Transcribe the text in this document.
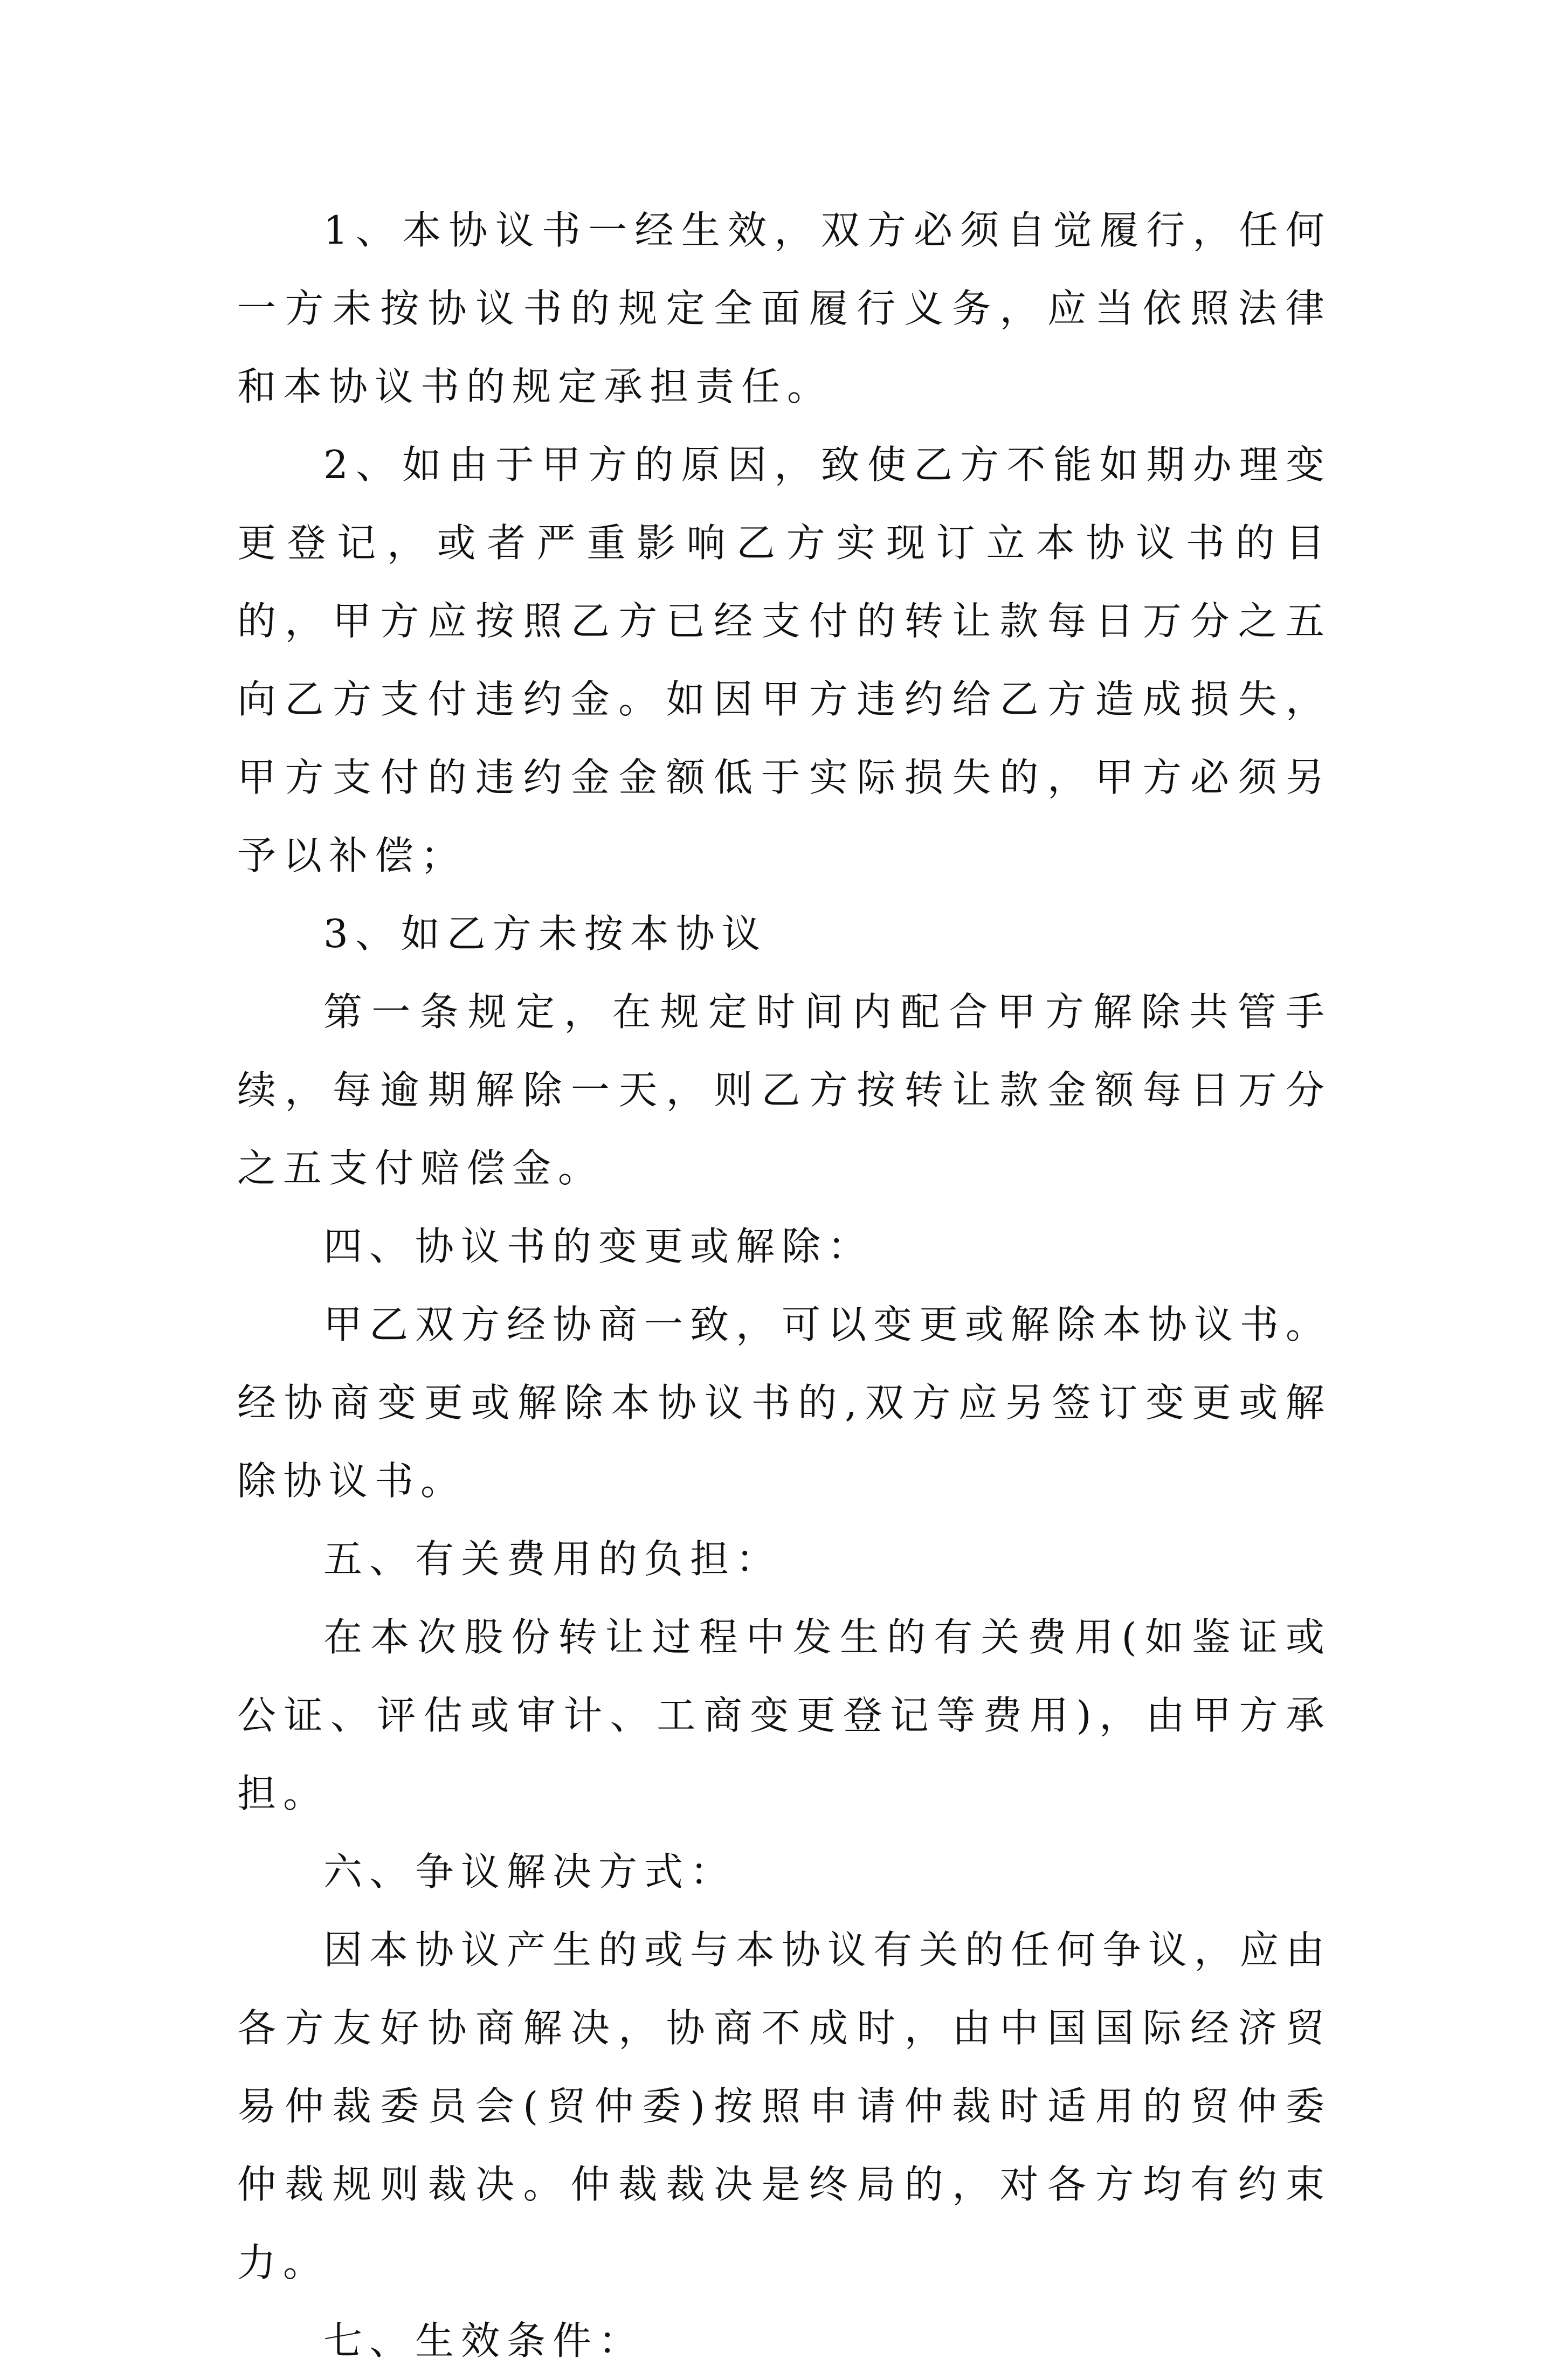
1、本协议书一经生效，双方必须自觉履行，任何一方未按协议书的规定全面履行义务，应当依照法律和本协议书的规定承担责任。

2、如由于甲方的原因，致使乙方不能如期办理变更登记，或者严重影响乙方实现订立本协议书的目的，甲方应按照乙方已经支付的转让款每日万分之五向乙方支付违约金。如因甲方违约给乙方造成损失，甲方支付的违约金金额低于实际损失的，甲方必须另予以补偿；

3、如乙方未按本协议

第一条规定，在规定时间内配合甲方解除共管手续，每逾期解除一天，则乙方按转让款金额每日万分之五支付赔偿金。

四、协议书的变更或解除：

甲乙双方经协商一致，可以变更或解除本协议书。经协商变更或解除本协议书的,双方应另签订变更或解除协议书。

五、有关费用的负担：

在本次股份转让过程中发生的有关费用(如鉴证或公证、评估或审计、工商变更登记等费用)，由甲方承担。

六、争议解决方式：

因本协议产生的或与本协议有关的任何争议，应由各方友好协商解决，协商不成时，由中国国际经济贸易仲裁委员会(贸仲委)按照申请仲裁时适用的贸仲委仲裁规则裁决。仲裁裁决是终局的，对各方均有约束力。

七、生效条件：
